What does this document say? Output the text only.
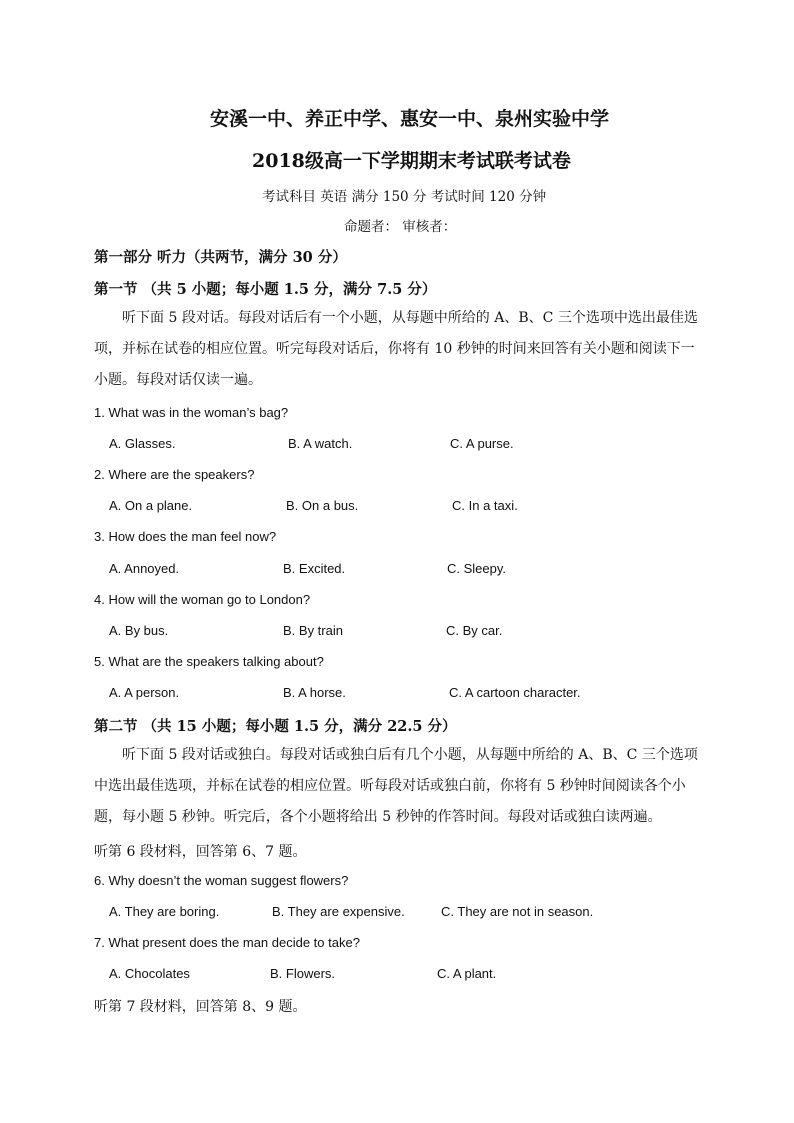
安溪一中、养正中学、惠安一中、泉州实验中学
2018级高一下学期期末考试联考试卷
考试科目 英语 满分 150 分 考试时间 120 分钟
命题者： 审核者：
第一部分 听力（共两节，满分 30 分）
第一节 （共 5 小题；每小题 1.5 分，满分 7.5 分）
听下面 5 段对话。每段对话后有一个小题，从每题中所给的 A、B、C 三个选项中选出最佳选项，并标在试卷的相应位置。听完每段对话后，你将有 10 秒钟的时间来回答有关小题和阅读下一小题。每段对话仅读一遍。
1. What was in the woman’s bag?
A. Glasses.	B. A watch.	C. A purse.
2. Where are the speakers?
A. On a plane.	B. On a bus.	C. In a taxi.
3. How does the man feel now?
A. Annoyed.	B. Excited.	C. Sleepy.
4. How will the woman go to London?
A. By bus.	B. By train	C. By car.
5. What are the speakers talking about?
A. A person.	B. A horse.	C. A cartoon character.
第二节 （共 15 小题；每小题 1.5 分，满分 22.5 分）
听下面 5 段对话或独白。每段对话或独白后有几个小题，从每题中所给的 A、B、C 三个选项中选出最佳选项，并标在试卷的相应位置。听每段对话或独白前，你将有 5 秒钟时间阅读各个小题，每小题 5 秒钟。听完后，各个小题将给出 5 秒钟的作答时间。每段对话或独白读两遍。
听第 6 段材料，回答第 6、7 题。
6. Why doesn’t the woman suggest flowers?
A. They are boring.	B. They are expensive.	C. They are not in season.
7. What present does the man decide to take?
A. Chocolates	B. Flowers.	C. A plant.
听第 7 段材料，回答第 8、9 题。
